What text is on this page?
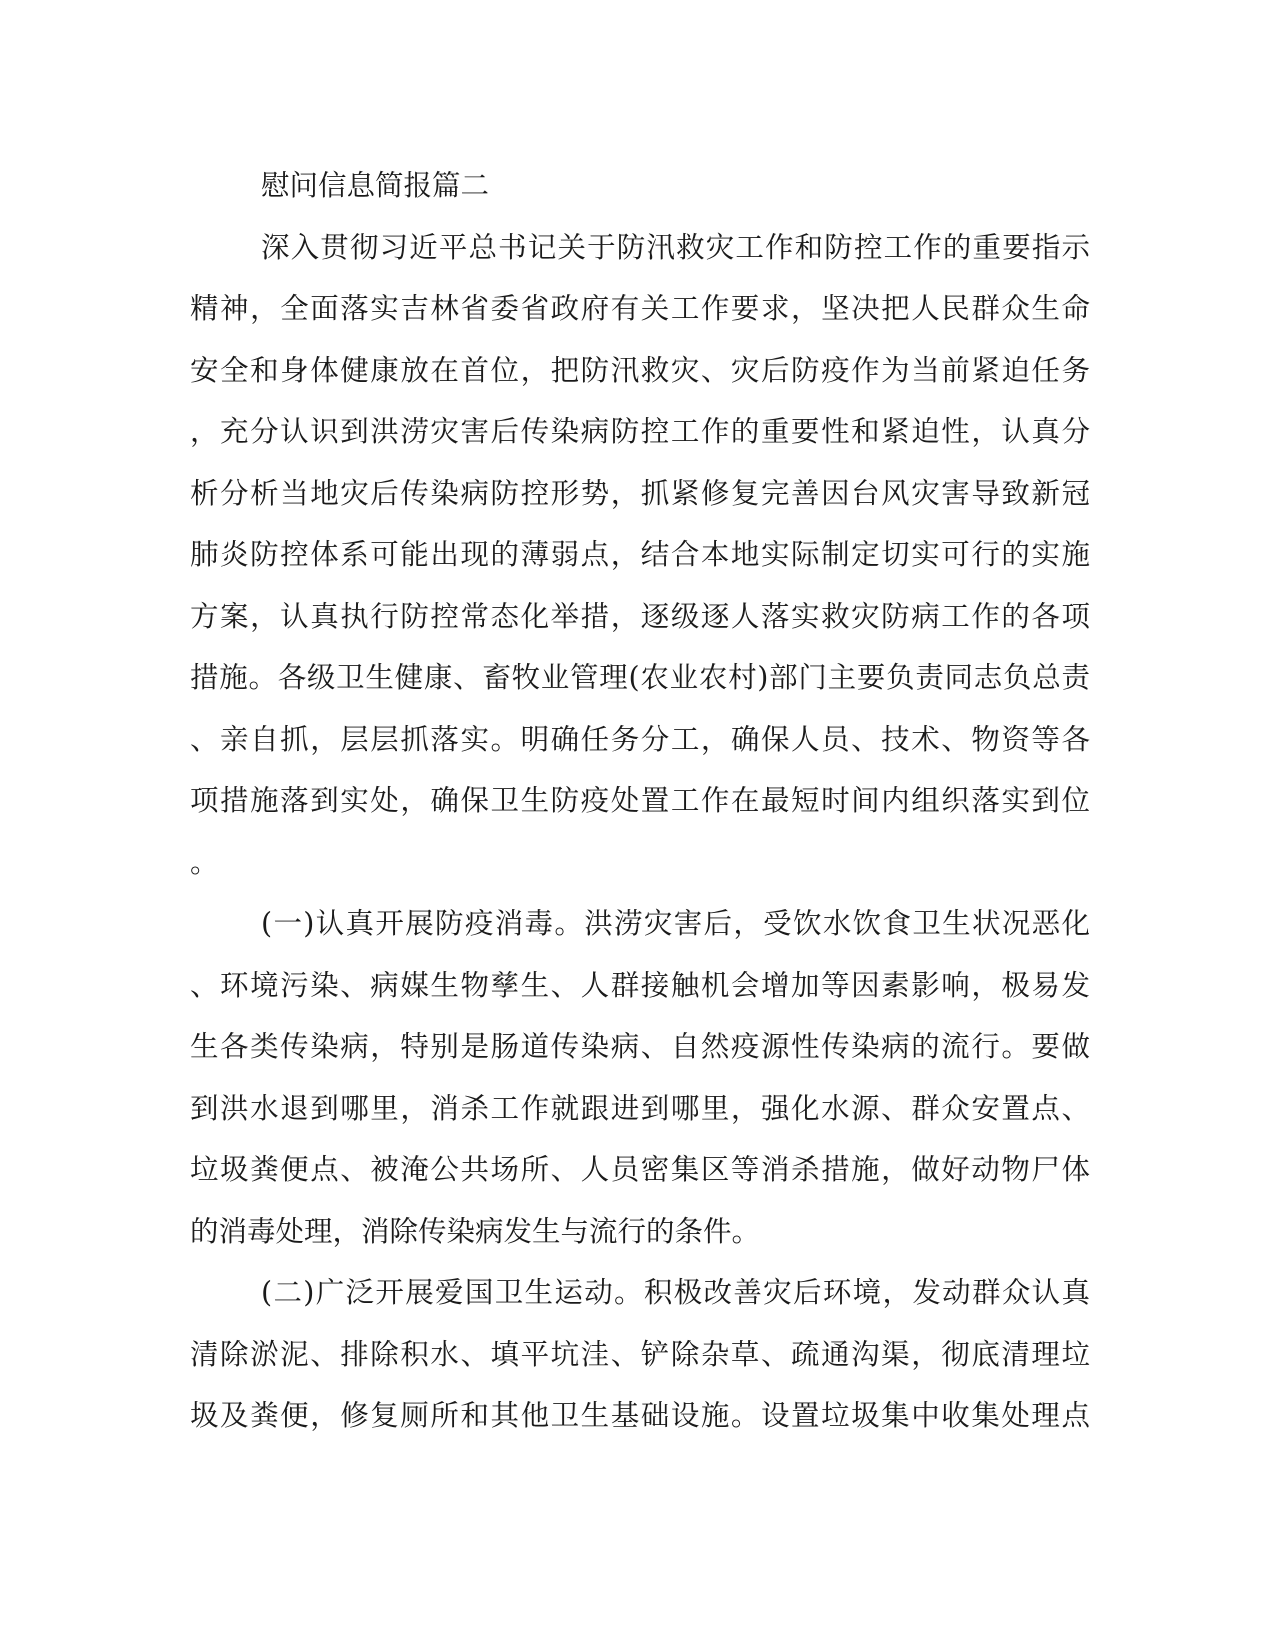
慰问信息简报篇二
深入贯彻习近平总书记关于防汛救灾工作和防控工作的重要指示
精神，全面落实吉林省委省政府有关工作要求，坚决把人民群众生命
安全和身体健康放在首位，把防汛救灾、灾后防疫作为当前紧迫任务
，充分认识到洪涝灾害后传染病防控工作的重要性和紧迫性，认真分
析分析当地灾后传染病防控形势，抓紧修复完善因台风灾害导致新冠
肺炎防控体系可能出现的薄弱点，结合本地实际制定切实可行的实施
方案，认真执行防控常态化举措，逐级逐人落实救灾防病工作的各项
措施。各级卫生健康、畜牧业管理(农业农村)部门主要负责同志负总责
、亲自抓，层层抓落实。明确任务分工，确保人员、技术、物资等各
项措施落到实处，确保卫生防疫处置工作在最短时间内组织落实到位
。
(一)认真开展防疫消毒。洪涝灾害后，受饮水饮食卫生状况恶化
、环境污染、病媒生物孳生、人群接触机会增加等因素影响，极易发
生各类传染病，特别是肠道传染病、自然疫源性传染病的流行。要做
到洪水退到哪里，消杀工作就跟进到哪里，强化水源、群众安置点、
垃圾粪便点、被淹公共场所、人员密集区等消杀措施，做好动物尸体
的消毒处理，消除传染病发生与流行的条件。
(二)广泛开展爱国卫生运动。积极改善灾后环境，发动群众认真
清除淤泥、排除积水、填平坑洼、铲除杂草、疏通沟渠，彻底清理垃
圾及粪便，修复厕所和其他卫生基础设施。设置垃圾集中收集处理点
